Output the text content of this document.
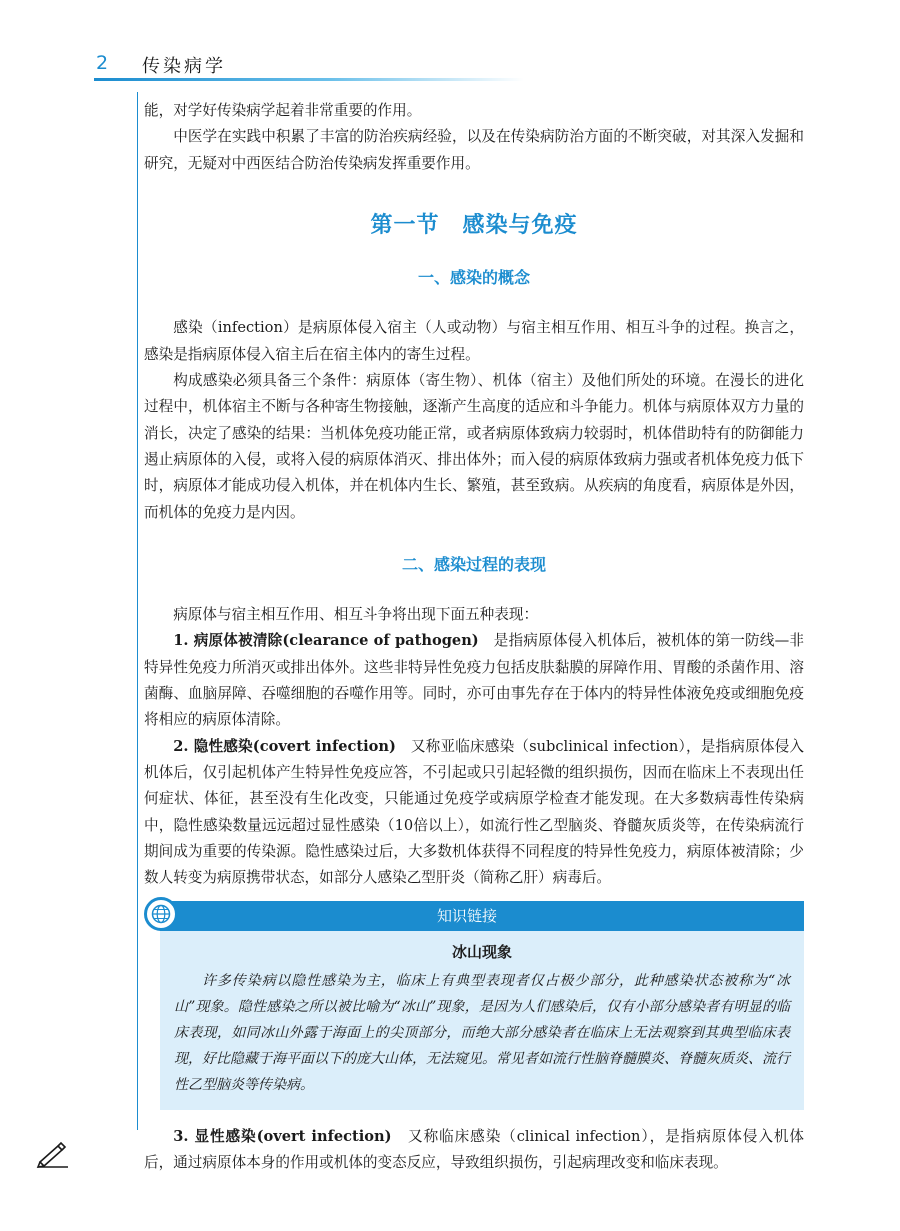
2 传染病学

能，对学好传染病学起着非常重要的作用。

中医学在实践中积累了丰富的防治疾病经验，以及在传染病防治方面的不断突破，对其深入发掘和研究，无疑对中西医结合防治传染病发挥重要作用。

第一节　感染与免疫
一、感染的概念

感染（infection）是病原体侵入宿主（人或动物）与宿主相互作用、相互斗争的过程。换言之，感染是指病原体侵入宿主后在宿主体内的寄生过程。

构成感染必须具备三个条件：病原体（寄生物）、机体（宿主）及他们所处的环境。在漫长的进化过程中，机体宿主不断与各种寄生物接触，逐渐产生高度的适应和斗争能力。机体与病原体双方力量的消长，决定了感染的结果：当机体免疫功能正常，或者病原体致病力较弱时，机体借助特有的防御能力遏止病原体的入侵，或将入侵的病原体消灭、排出体外；而入侵的病原体致病力强或者机体免疫力低下时，病原体才能成功侵入机体，并在机体内生长、繁殖，甚至致病。从疾病的角度看，病原体是外因，而机体的免疫力是内因。

二、感染过程的表现

病原体与宿主相互作用、相互斗争将出现下面五种表现：

1. 病原体被清除(clearance of pathogen)　是指病原体侵入机体后，被机体的第一防线—非特异性免疫力所消灭或排出体外。这些非特异性免疫力包括皮肤黏膜的屏障作用、胃酸的杀菌作用、溶菌酶、血脑屏障、吞噬细胞的吞噬作用等。同时，亦可由事先存在于体内的特异性体液免疫或细胞免疫将相应的病原体清除。

2. 隐性感染(covert infection)　又称亚临床感染（subclinical infection），是指病原体侵入机体后，仅引起机体产生特异性免疫应答，不引起或只引起轻微的组织损伤，因而在临床上不表现出任何症状、体征，甚至没有生化改变，只能通过免疫学或病原学检查才能发现。在大多数病毒性传染病中，隐性感染数量远远超过显性感染（10倍以上），如流行性乙型脑炎、脊髓灰质炎等，在传染病流行期间成为重要的传染源。隐性感染过后，大多数机体获得不同程度的特异性免疫力，病原体被清除；少数人转变为病原携带状态，如部分人感染乙型肝炎（简称乙肝）病毒后。

知识链接
冰山现象

许多传染病以隐性感染为主，临床上有典型表现者仅占极少部分，此种感染状态被称为“冰山”现象。隐性感染之所以被比喻为“冰山”现象，是因为人们感染后，仅有小部分感染者有明显的临床表现，如同冰山外露于海面上的尖顶部分，而绝大部分感染者在临床上无法观察到其典型临床表现，好比隐藏于海平面以下的庞大山体，无法窥见。常见者如流行性脑脊髓膜炎、脊髓灰质炎、流行性乙型脑炎等传染病。

3. 显性感染(overt infection)　又称临床感染（clinical infection），是指病原体侵入机体后，通过病原体本身的作用或机体的变态反应，导致组织损伤，引起病理改变和临床表现。
